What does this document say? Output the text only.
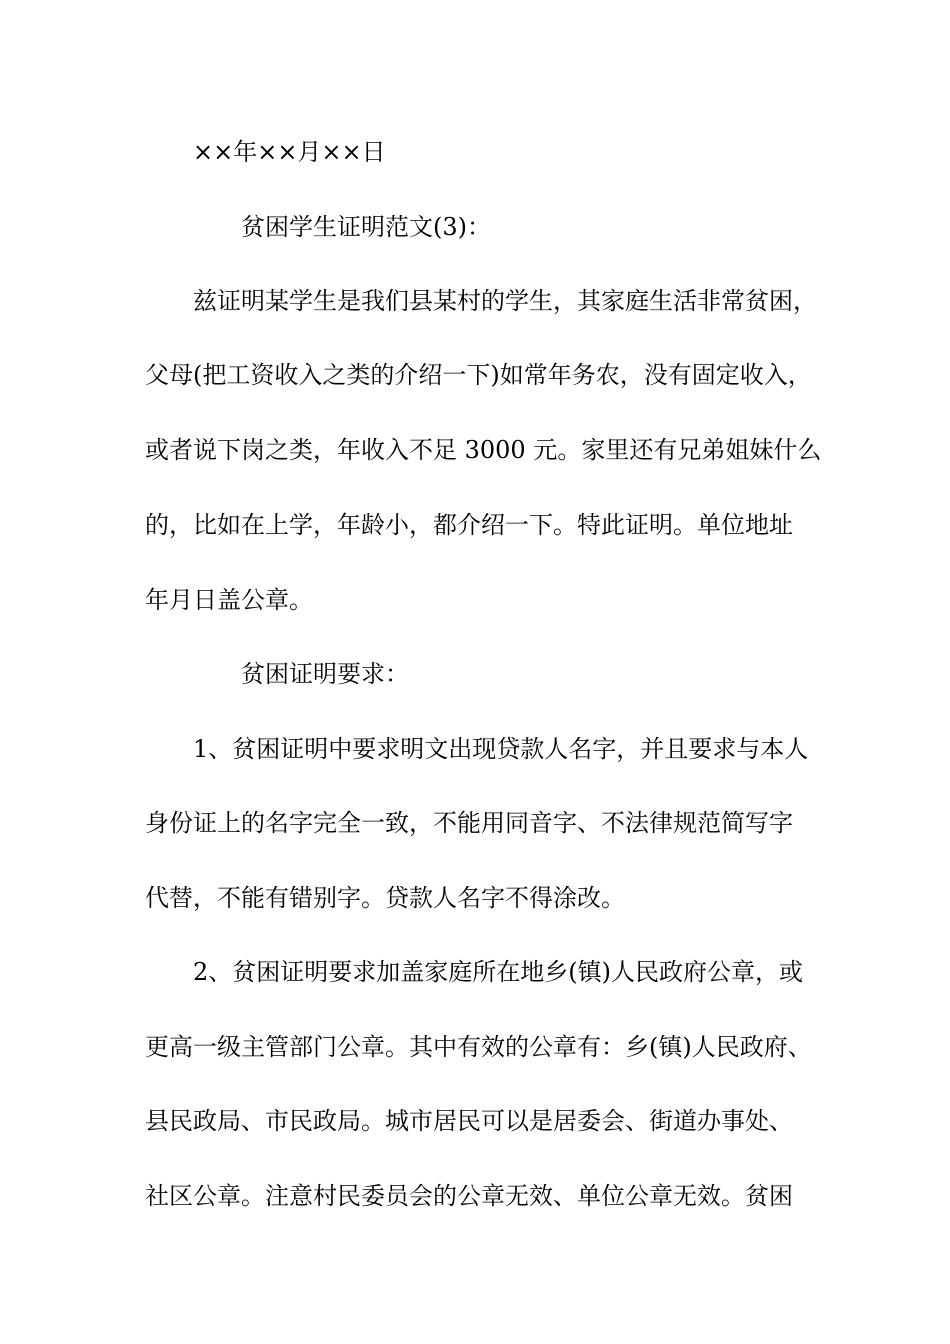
××年××月××日

贫困学生证明范文(3)：

兹证明某学生是我们县某村的学生，其家庭生活非常贫困，

父母(把工资收入之类的介绍一下)如常年务农，没有固定收入，

或者说下岗之类，年收入不足 3000 元。家里还有兄弟姐妹什么

的，比如在上学，年龄小，都介绍一下。特此证明。单位地址

年月日盖公章。

贫困证明要求：

1、贫困证明中要求明文出现贷款人名字，并且要求与本人

身份证上的名字完全一致，不能用同音字、不法律规范简写字

代替，不能有错别字。贷款人名字不得涂改。

2、贫困证明要求加盖家庭所在地乡(镇)人民政府公章，或

更高一级主管部门公章。其中有效的公章有：乡(镇)人民政府、

县民政局、市民政局。城市居民可以是居委会、街道办事处、

社区公章。注意村民委员会的公章无效、单位公章无效。贫困
